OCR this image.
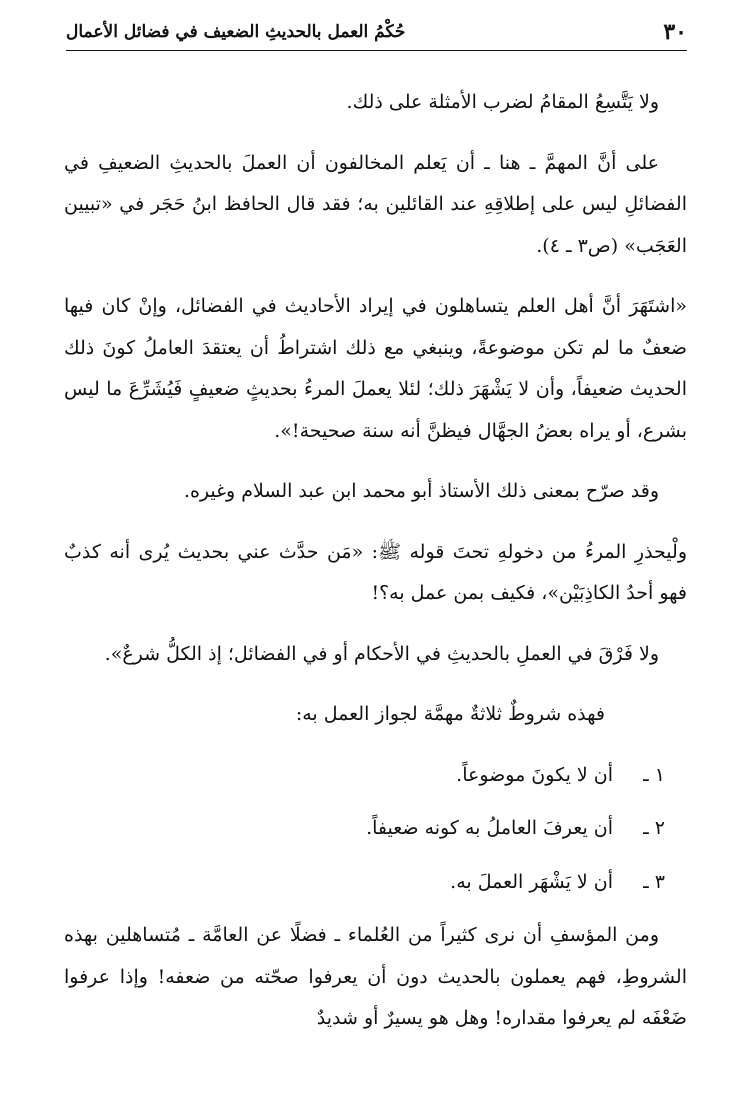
٣٠
حُكْمُ العمل بالحديثِ الضعيف في فضائل الأعمال

ولا يَتَّسِعُ المقامُ لضرب الأمثلة على ذلك.

على أنَّ المهمَّ ـ هنا ـ أن يَعلم المخالفون أن العملَ بالحديثِ الضعيفِ في الفضائلِ ليس على إطلاقِهِ عند القائلين به؛ فقد قال الحافظ ابنُ حَجَر في «تبيين العَجَب» (ص٣ ـ ٤).

«اشتَهَرَ أنَّ أهل العلم يتساهلون في إيراد الأحاديث في الفضائل، وإنْ كان فيها ضعفٌ ما لم تكن موضوعةً، وينبغي مع ذلك اشتراطُ أن يعتقدَ العاملُ كونَ ذلك الحديث ضعيفاً، وأن لا يَشْهَرَ ذلك؛ لئلا يعملَ المرءُ بحديثٍ ضعيفٍ فَيُشَرِّعَ ما ليس بشرع، أو يراه بعضُ الجهَّال فيظنَّ أنه سنة صحيحة!».

وقد صرّح بمعنى ذلك الأستاذ أبو محمد ابن عبد السلام وغيره.

ولْيحذرِ المرءُ من دخولهِ تحتَ قوله ﷺ: «مَن حدَّث عني بحديث يُرى أنه كذبٌ فهو أحدُ الكاذِبَيْن»، فكيف بمن عمل به؟!

ولا فَرْقَ في العملِ بالحديثِ في الأحكام أو في الفضائل؛ إذ الكلُّ شرعٌ».

فهذه شروطٌ ثلاثةٌ مهمَّة لجواز العمل به:

١ ـأن لا يكونَ موضوعاً.

٢ ـأن يعرفَ العاملُ به كونه ضعيفاً.

٣ ـأن لا يَشْهَر العملَ به.

ومن المؤسفِ أن نرى كثيراً من العُلماء ـ فضلًا عن العامَّة ـ مُتساهلين بهذه الشروطِ، فهم يعملون بالحديث دون أن يعرفوا صحّته من ضعفه! وإذا عرفوا ضَعْفَه لم يعرفوا مقداره! وهل هو يسيرٌ أو شديدٌ
